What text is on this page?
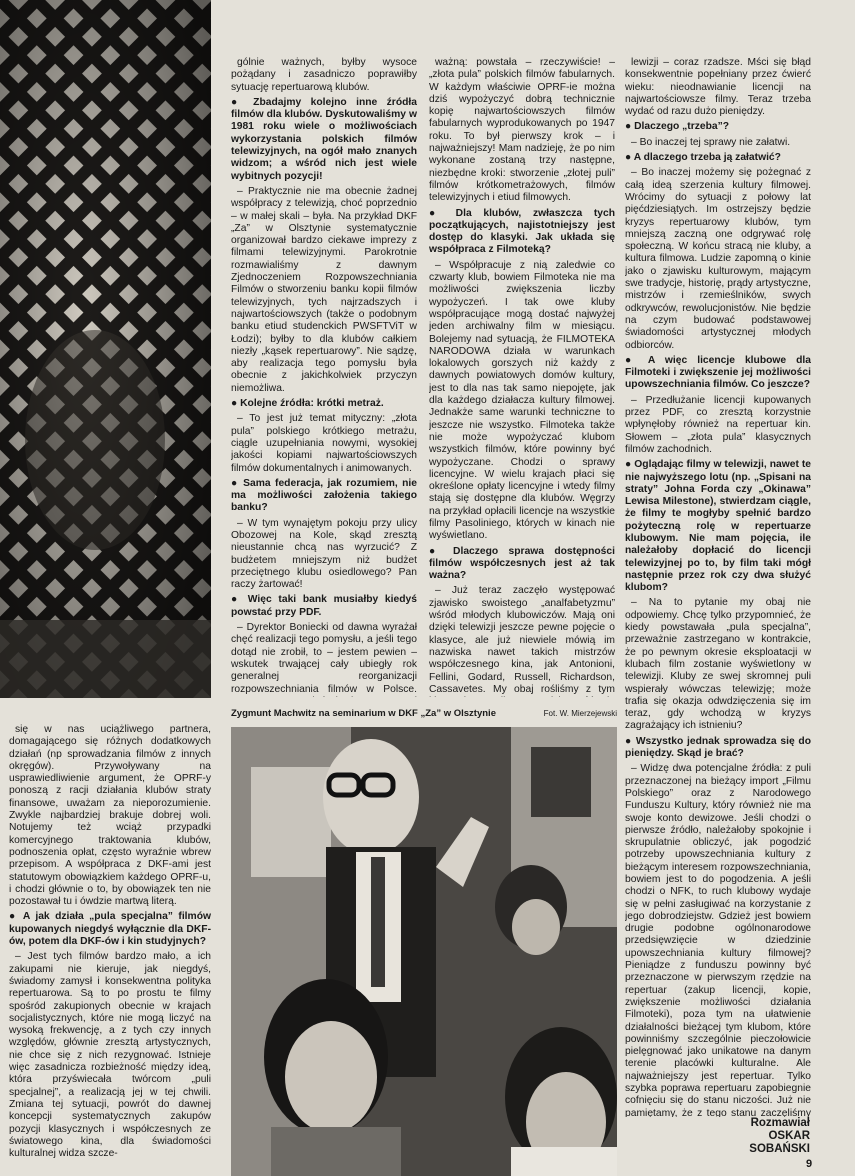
gólnie ważnych, byłby wysoce pożądany i zasadniczo poprawiłby sytuację repertuarową klubów.

● Zbadajmy kolejno inne źródła filmów dla klubów. Dyskutowaliśmy w 1981 roku wiele o możliwościach wykorzystania polskich filmów telewizyjnych, na ogół mało znanych widzom; a wśród nich jest wiele wybitnych pozycji!

– Praktycznie nie ma obecnie żadnej współpracy z telewizją, choć poprzednio – w małej skali – była. Na przykład DKF „Za” w Olsztynie systematycznie organizował bardzo ciekawe imprezy z filmami telewizyjnymi. Parokrotnie rozmawialiśmy z dawnym Zjednoczeniem Rozpowszechniania Filmów o stworzeniu banku kopii filmów telewizyjnych, tych najrzadszych i najwartościowszych (także o podobnym banku etiud studenckich PWSFTViT w Łodzi); byłby to dla klubów całkiem niezły „kąsek repertuarowy”. Nie sądzę, aby realizacja tego pomysłu była obecnie z jakichkolwiek przyczyn niemożliwa.

● Kolejne źródła: krótki metraż.

– To jest już temat mityczny: „złota pula” polskiego krótkiego metrażu, ciągle uzupełniania nowymi, wysokiej jakości kopiami najwartościowszych filmów dokumentalnych i animowanych.

● Sama federacja, jak rozumiem, nie ma możliwości założenia takiego banku?

– W tym wynajętym pokoju przy ulicy Obozowej na Kole, skąd zresztą nieustannie chcą nas wyrzucić? Z budżetem mniejszym niż budżet przeciętnego klubu osiedlowego? Pan raczy żartować!

● Więc taki bank musiałby kiedyś powstać przy PDF.

– Dyrektor Boniecki od dawna wyrażał chęć realizacji tego pomysłu, a jeśli tego dotąd nie zrobił, to – jestem pewien – wskutek trwającej cały ubiegły rok generalnej reorganizacji rozpowszechniania filmów w Polsce.

ważną: powstała – rzeczywiście! – „złota pula” polskich filmów fabularnych. W każdym właściwie OPRF-ie można dziś wypożyczyć dobrą technicznie kopię najwartościowszych filmów fabularnych wyprodukowanych po 1947 roku. To był pierwszy krok – i najważniejszy! Mam nadzieję, że po nim wykonane zostaną trzy następne, niezbędne kroki: stworzenie „złotej puli” filmów krótkometrażowych, filmów telewizyjnych i etiud filmowych.

● Dla klubów, zwłaszcza tych początkujących, najistotniejszy jest dostęp do klasyki. Jak układa się współpraca z Filmoteką?

– Współpracuje z nią zaledwie co czwarty klub, bowiem Filmoteka nie ma możliwości zwiększenia liczby wypożyczeń. I tak owe kluby współpracujące mogą dostać najwyżej jeden archiwalny film w miesiącu. Bolejemy nad sytuacją, że FILMOTEKA NARODOWA działa w warunkach lokalowych gorszych niż każdy z dawnych powiatowych domów kultury, jest to dla nas tak samo niepojęte, jak dla każdego działacza kultury filmowej. Jednakże same warunki techniczne to jeszcze nie wszystko. Filmoteka także nie może wypożyczać klubom wszystkich filmów, które powinny być wypożyczane. Chodzi o sprawy licencyjne. W wielu krajach płaci się określone opłaty licencyjne i wtedy filmy stają się dostępne dla klubów. Węgrzy na przykład opłacili licencje na wszystkie filmy Pasoliniego, których w kinach nie wyświetlano.

● Dlaczego sprawa dostępności filmów współczesnych jest aż tak ważna?

– Już teraz zaczęło występować zjawisko swoistego „analfabetyzmu” wśród młodych klubowiczów. Mają oni dzięki telewizji jeszcze pewne pojęcie o klasyce, ale już niewiele mówią im nazwiska nawet takich mistrzów współczesnego kina, jak Antonioni, Fellini, Godard, Russell, Richardson, Cassavetes. My obaj rośliśmy z tym

lewizji – coraz rzadsze. Mści się błąd konsekwentnie popełniany przez ćwierć wieku: nieodnawianie licencji na najwartościowsze filmy. Teraz trzeba wydać od razu dużo pieniędzy.

● Dlaczego „trzeba”?

– Bo inaczej tej sprawy nie załatwi.

● A dlaczego trzeba ją załatwić?

– Bo inaczej możemy się pożegnać z całą ideą szerzenia kultury filmowej. Wrócimy do sytuacji z połowy lat pięćdziesiątych. Im ostrzejszy będzie kryzys repertuarowy klubów, tym mniejszą zaczną one odgrywać rolę społeczną. W końcu stracą nie kluby, a kultura filmowa. Ludzie zapomną o kinie jako o zjawisku kulturowym, mającym swe tradycje, historię, prądy artystyczne, mistrzów i rzemieślników, swych odkrywców, rewolucjonistów. Nie będzie na czym budować podstawowej świadomości artystycznej młodych odbiorców.

● A więc licencje klubowe dla Filmoteki i zwiększenie jej możliwości upowszechniania filmów. Co jeszcze?

– Przedłużanie licencji kupowanych przez PDF, co zresztą korzystnie wpłynęłoby również na repertuar kin. Słowem – „złota pula” klasycznych filmów zachodnich.

● Oglądając filmy w telewizji, nawet te nie najwyższego lotu (np. „Spisani na straty” Johna Forda czy „Okinawa” Lewisa Milestone), stwierdzam ciągle, że filmy te mogłyby spełnić bardzo pożyteczną rolę w repertuarze klubowym. Nie mam pojęcia, ile należałoby dopłacić do licencji telewizyjnej po to, by film taki mógł następnie przez rok czy dwa służyć klubom?

– Na to pytanie my obaj nie odpowiemy. Chcę tylko przypomnieć, że kiedy powstawała „pula specjalna”, przeważnie zastrzegano w kontrakcie, że po pewnym okresie eksploatacji w klubach film zostanie wyświetlony w telewizji. Kluby ze swej skromnej puli wspierały wówczas telewizję; może trafia się okazja odwdzięczenia się im teraz, gdy wchodzą w kryzys zagrażający ich istnieniu?

● Wszystko jednak sprowadza się do pieniędzy. Skąd je brać?

– Widzę dwa potencjalne źródła: z puli przeznaczonej na bieżący import „Filmu Polskiego” oraz z Narodowego Funduszu Kultury, który również nie ma swoje konto dewizowe. Jeśli chodzi o pierwsze źródło, należałoby spokojnie i skrupulatnie obliczyć, jak pogodzić potrzeby upowszechniania kultury z bieżącym interesem rozpowszechniania, bowiem jest to do pogodzenia. A jeśli chodzi o NFK, to ruch klubowy wydaje się w pełni zasługiwać na korzystanie z jego dobrodziejstw. Gdzież jest bowiem drugie podobne ogólnonarodowe przedsięwzięcie w dziedzinie upowszechniania kultury filmowej? Pieniądze z funduszu powinny być przeznaczone w pierwszym rzędzie na repertuar (zakup licencji, kopie, zwiększenie możliwości działania Filmoteki), poza tym na ułatwienie działalności bieżącej tym klubom, które powinniśmy szczególnie pieczołowicie pielęgnować jako unikatowe na danym terenie placówki kulturalne. Ale najważniejszy jest repertuar. Tylko szybka poprawa repertuaru zapobiegnie cofnięciu się do stanu niczości. Już nie pamiętamy, że z tego stanu zaczęliśmy

się w nas uciążliwego partnera, domagającego się różnych dodatkowych działań (np sprowadzania filmów z innych okręgów). Przywoływany na usprawiedliwienie argument, że OPRF-y ponoszą z racji działania klubów straty finansowe, uważam za nieporozumienie. Zwykle najbardziej brakuje dobrej woli. Notujemy też wciąż przypadki komercyjnego traktowania klubów, podnoszenia opłat, często wyraźnie wbrew przepisom. A współpraca z DKF-ami jest statutowym obowiązkiem każdego OPRF-u, i chodzi głównie o to, by obowiązek ten nie pozostawał tu i ówdzie martwą literą.

● A jak działa „pula specjalna” filmów kupowanych niegdyś wyłącznie dla DKF-ów, potem dla DKF-ów i kin studyjnych?

– Jest tych filmów bardzo mało, a ich zakupami nie kieruje, jak niegdyś, świadomy zamysł i konsekwentna polityka repertuarowa. Są to po prostu te filmy spośród zakupionych obecnie w krajach socjalistycznych, które nie mogą liczyć na wysoką frekwencję, a z tych czy innych względów, głównie zresztą artystycznych, nie chce się z nich rezygnować. Istnieje więc zasadnicza rozbieżność między ideą, która przyświecała twórcom „puli specjalnej”, a realizacją jej w tej chwili. Zmiana tej sytuacji, powrót do dawnej koncepcji systematycznych zakupów pozycji klasycznych i współczesnych ze światowego kina, dla świadomości kulturalnej widza szcze-

Zygmunt Machwitz na seminarium w DKF „Za” w Olsztynie	Fot. W. Mierzejewski
Rozmawiał
OSKAR
SOBAŃSKI
9
